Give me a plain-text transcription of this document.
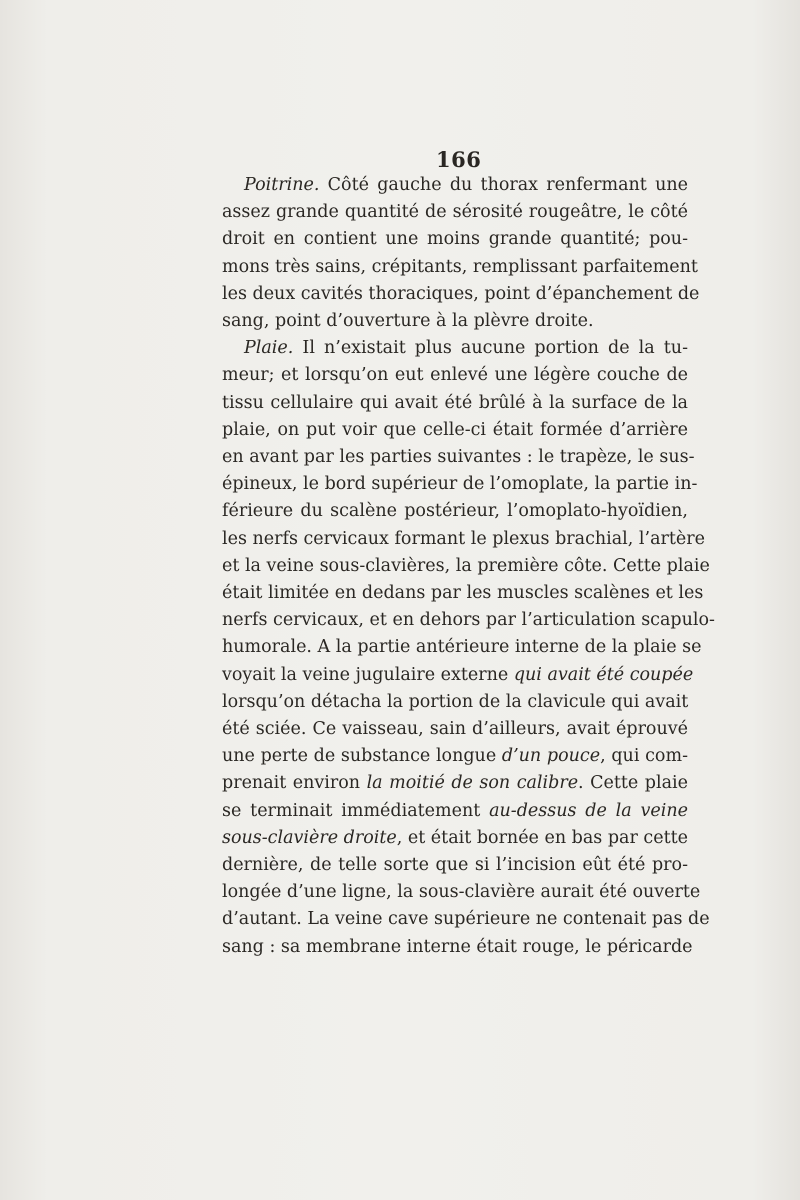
166
Poitrine. Côté gauche du thorax renfermant une
assez grande quantité de sérosité rougeâtre, le côté
droit en contient une moins grande quantité; pou-
mons très sains, crépitants, remplissant parfaitement
les deux cavités thoraciques, point d’épanchement de
sang, point d’ouverture à la plèvre droite.
Plaie. Il n’existait plus aucune portion de la tu-
meur; et lorsqu’on eut enlevé une légère couche de
tissu cellulaire qui avait été brûlé à la surface de la
plaie, on put voir que celle-ci était formée d’arrière
en avant par les parties suivantes : le trapèze, le sus-
épineux, le bord supérieur de l’omoplate, la partie in-
férieure du scalène postérieur, l’omoplato-hyoïdien,
les nerfs cervicaux formant le plexus brachial, l’artère
et la veine sous-clavières, la première côte. Cette plaie
était limitée en dedans par les muscles scalènes et les
nerfs cervicaux, et en dehors par l’articulation scapulo-
humorale. A la partie antérieure interne de la plaie se
voyait la veine jugulaire externe qui avait été coupée
lorsqu’on détacha la portion de la clavicule qui avait
été sciée. Ce vaisseau, sain d’ailleurs, avait éprouvé
une perte de substance longue d’un pouce, qui com-
prenait environ la moitié de son calibre. Cette plaie
se terminait immédiatement au-dessus de la veine
sous-clavière droite, et était bornée en bas par cette
dernière, de telle sorte que si l’incision eût été pro-
longée d’une ligne, la sous-clavière aurait été ouverte
d’autant. La veine cave supérieure ne contenait pas de
sang : sa membrane interne était rouge, le péricarde
